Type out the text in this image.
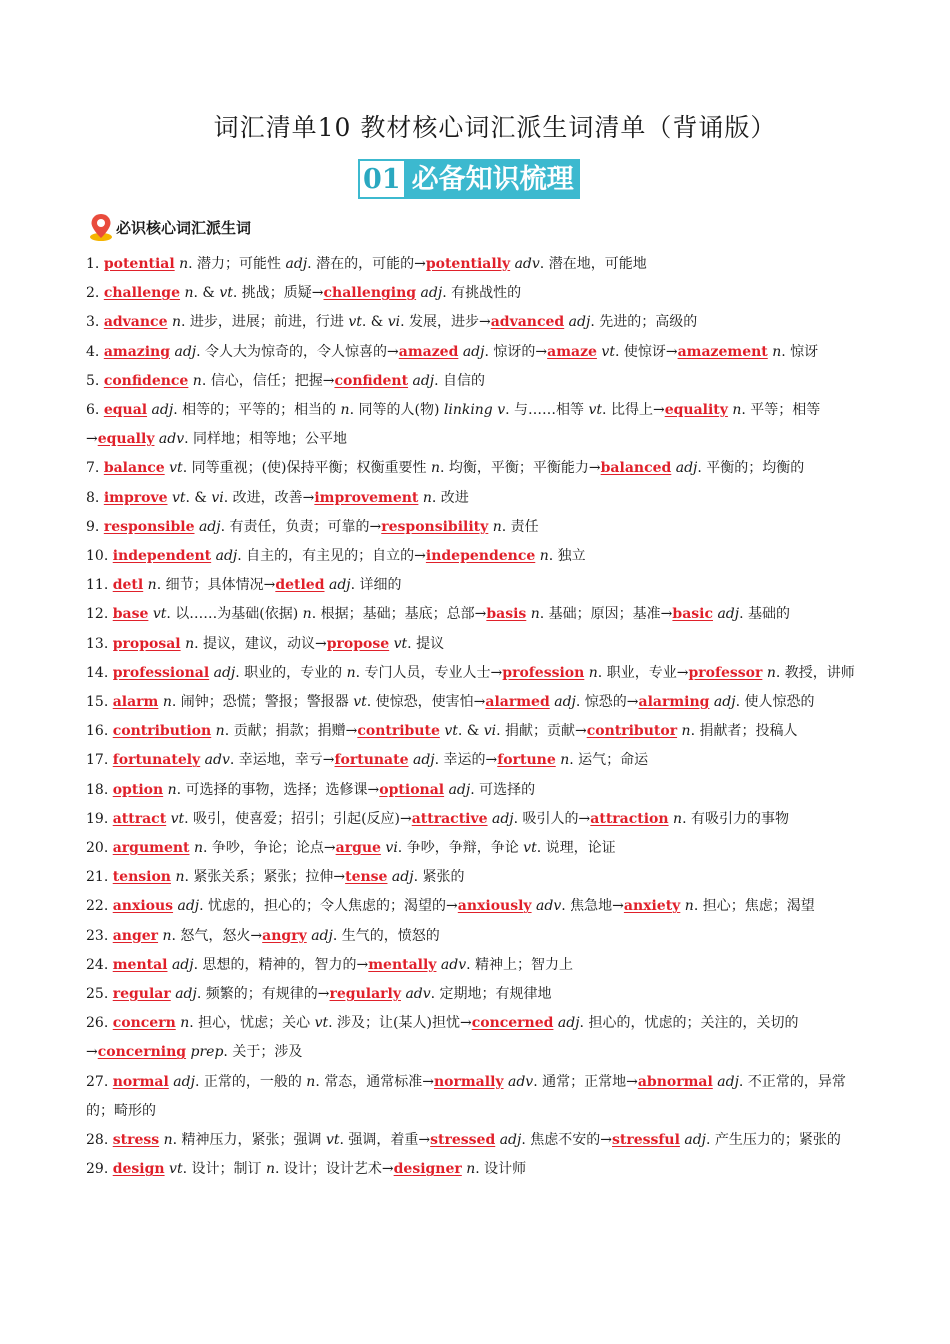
词汇清单10 教材核心词汇派生词清单（背诵版）
01 必备知识梳理
必识核心词汇派生词

1. potential n. 潜力；可能性 adj. 潜在的，可能的→potentially adv. 潜在地，可能地

2. challenge n. & vt. 挑战；质疑→challenging adj. 有挑战性的

3. advance n. 进步，进展；前进，行进 vt. & vi. 发展，进步→advanced adj. 先进的；高级的

4. amazing adj. 令人大为惊奇的，令人惊喜的→amazed adj. 惊讶的→amaze vt. 使惊讶→amazement n. 惊讶

5. confidence n. 信心，信任；把握→confident adj. 自信的

6. equal adj. 相等的；平等的；相当的 n. 同等的人(物) linking v. 与……相等 vt. 比得上→equality n. 平等；相等→equally adv. 同样地；相等地；公平地

7. balance vt. 同等重视；(使)保持平衡；权衡重要性 n. 均衡，平衡；平衡能力→balanced adj. 平衡的；均衡的

8. improve vt. & vi. 改进，改善→improvement n. 改进

9. responsible adj. 有责任，负责；可靠的→responsibility n. 责任

10. independent adj. 自主的，有主见的；自立的→independence n. 独立

11. detl n. 细节；具体情况→detled adj. 详细的

12. base vt. 以……为基础(依据) n. 根据；基础；基底；总部→basis n. 基础；原因；基准→basic adj. 基础的

13. proposal n. 提议，建议，动议→propose vt. 提议

14. professional adj. 职业的，专业的 n. 专门人员，专业人士→profession n. 职业，专业→professor n. 教授，讲师

15. alarm n. 闹钟；恐慌；警报；警报器 vt. 使惊恐，使害怕→alarmed adj. 惊恐的→alarming adj. 使人惊恐的

16. contribution n. 贡献；捐款；捐赠→contribute vt. & vi. 捐献；贡献→contributor n. 捐献者；投稿人

17. fortunately adv. 幸运地，幸亏→fortunate adj. 幸运的→fortune n. 运气；命运

18. option n. 可选择的事物，选择；选修课→optional adj. 可选择的

19. attract vt. 吸引，使喜爱；招引；引起(反应)→attractive adj. 吸引人的→attraction n. 有吸引力的事物

20. argument n. 争吵，争论；论点→argue vi. 争吵，争辩，争论 vt. 说理，论证

21. tension n. 紧张关系；紧张；拉伸→tense adj. 紧张的

22. anxious adj. 忧虑的，担心的；令人焦虑的；渴望的→anxiously adv. 焦急地→anxiety n. 担心；焦虑；渴望

23. anger n. 怒气，怒火→angry adj. 生气的，愤怒的

24. mental adj. 思想的，精神的，智力的→mentally adv. 精神上；智力上

25. regular adj. 频繁的；有规律的→regularly adv. 定期地；有规律地

26. concern n. 担心，忧虑；关心 vt. 涉及；让(某人)担忧→concerned adj. 担心的，忧虑的；关注的，关切的→concerning prep. 关于；涉及

27. normal adj. 正常的，一般的 n. 常态，通常标准→normally adv. 通常；正常地→abnormal adj. 不正常的，异常的；畸形的

28. stress n. 精神压力，紧张；强调 vt. 强调，着重→stressed adj. 焦虑不安的→stressful adj. 产生压力的；紧张的

29. design vt. 设计；制订 n. 设计；设计艺术→designer n. 设计师
